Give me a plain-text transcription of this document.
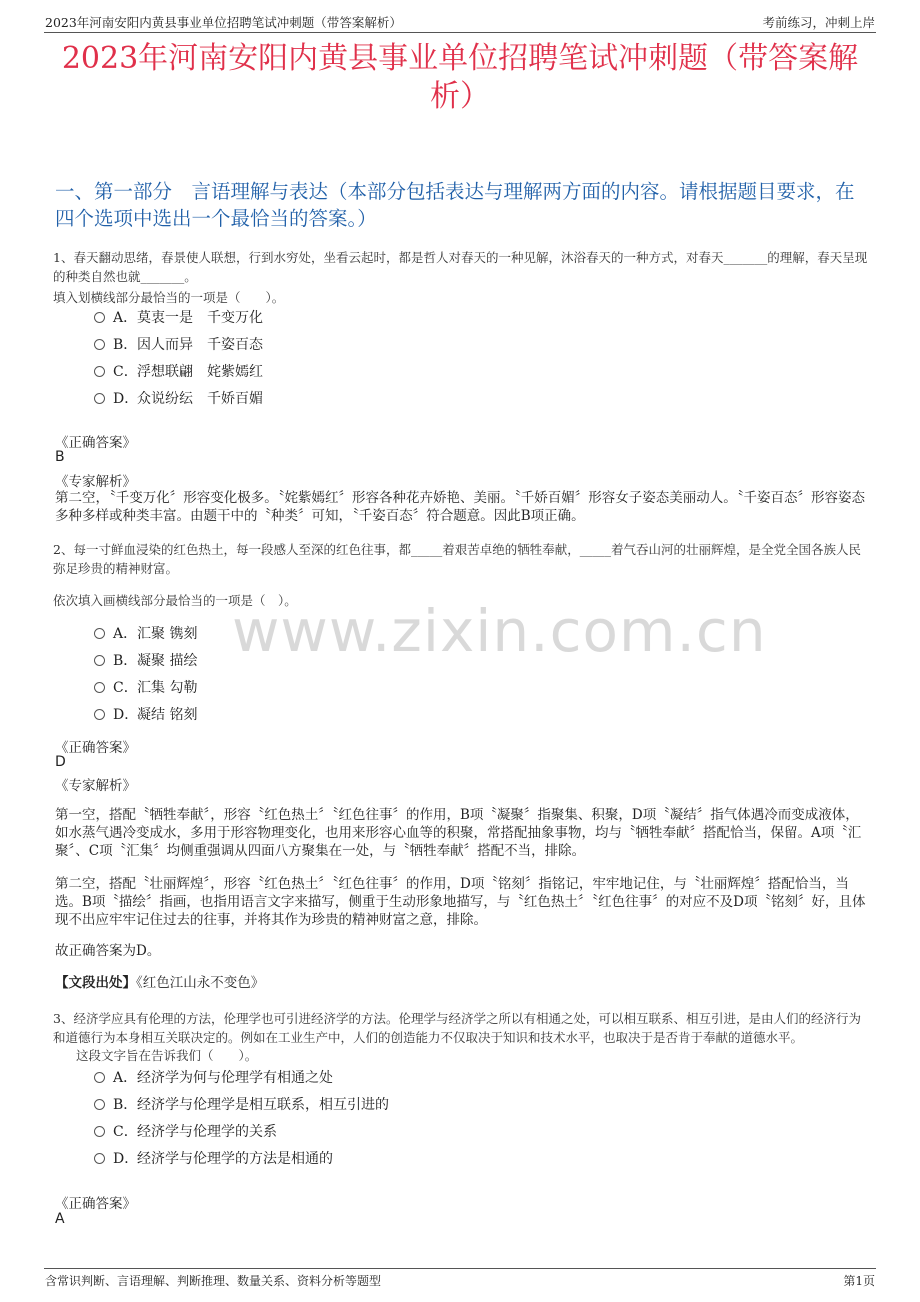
2023年河南安阳内黄县事业单位招聘笔试冲刺题（带答案解析）	考前练习，冲刺上岸
2023年河南安阳内黄县事业单位招聘笔试冲刺题（带答案解析）
一、第一部分　言语理解与表达（本部分包括表达与理解两方面的内容。请根据题目要求，在四个选项中选出一个最恰当的答案。）
www.zixin.com.cn
1、春天翻动思绪，春景使人联想，行到水穷处，坐看云起时，都是哲人对春天的一种见解，沐浴春天的一种方式，对春天_______的理解，春天呈现的种类自然也就_______。
填入划横线部分最恰当的一项是（　　）。
A．莫衷一是　千变万化
B．因人而异　千姿百态
C．浮想联翩　姹紫嫣红
D．众说纷纭　千娇百媚
《正确答案》
B
《专家解析》
第二空，〝千变万化〞形容变化极多。〝姹紫嫣红〞形容各种花卉娇艳、美丽。〝千娇百媚〞形容女子姿态美丽动人。〝千姿百态〞形容姿态多种多样或种类丰富。由题干中的〝种类〞可知，〝千姿百态〞符合题意。因此B项正确。
2、每一寸鲜血浸染的红色热土，每一段感人至深的红色往事，都_____着艰苦卓绝的牺牲奉献，_____着气吞山河的壮丽辉煌，是全党全国各族人民弥足珍贵的精神财富。
依次填入画横线部分最恰当的一项是（　）。
A．汇聚 镌刻
B．凝聚 描绘
C．汇集 勾勒
D．凝结 铭刻
《正确答案》
D
《专家解析》
第一空，搭配〝牺牲奉献〞，形容〝红色热土〞〝红色往事〞的作用，B项〝凝聚〞指聚集、积聚，D项〝凝结〞指气体遇冷而变成液体，如水蒸气遇冷变成水，多用于形容物理变化，也用来形容心血等的积聚，常搭配抽象事物，均与〝牺牲奉献〞搭配恰当，保留。A项〝汇聚〞、C项〝汇集〞均侧重强调从四面八方聚集在一处，与〝牺牲奉献〞搭配不当，排除。
第二空，搭配〝壮丽辉煌〞，形容〝红色热土〞〝红色往事〞的作用，D项〝铭刻〞指铭记，牢牢地记住，与〝壮丽辉煌〞搭配恰当，当选。B项〝描绘〞指画，也指用语言文字来描写，侧重于生动形象地描写，与〝红色热土〞〝红色往事〞的对应不及D项〝铭刻〞好，且体现不出应牢牢记住过去的往事，并将其作为珍贵的精神财富之意，排除。
故正确答案为D。
【文段出处】《红色江山永不变色》
3、经济学应具有伦理的方法，伦理学也可引进经济学的方法。伦理学与经济学之所以有相通之处，可以相互联系、相互引进，是由人们的经济行为和道德行为本身相互关联决定的。例如在工业生产中，人们的创造能力不仅取决于知识和技术水平，也取决于是否肯于奉献的道德水平。
这段文字旨在告诉我们（　　）。
A．经济学为何与伦理学有相通之处
B．经济学与伦理学是相互联系，相互引进的
C．经济学与伦理学的关系
D．经济学与伦理学的方法是相通的
《正确答案》
A
含常识判断、言语理解、判断推理、数量关系、资料分析等题型	第1页
